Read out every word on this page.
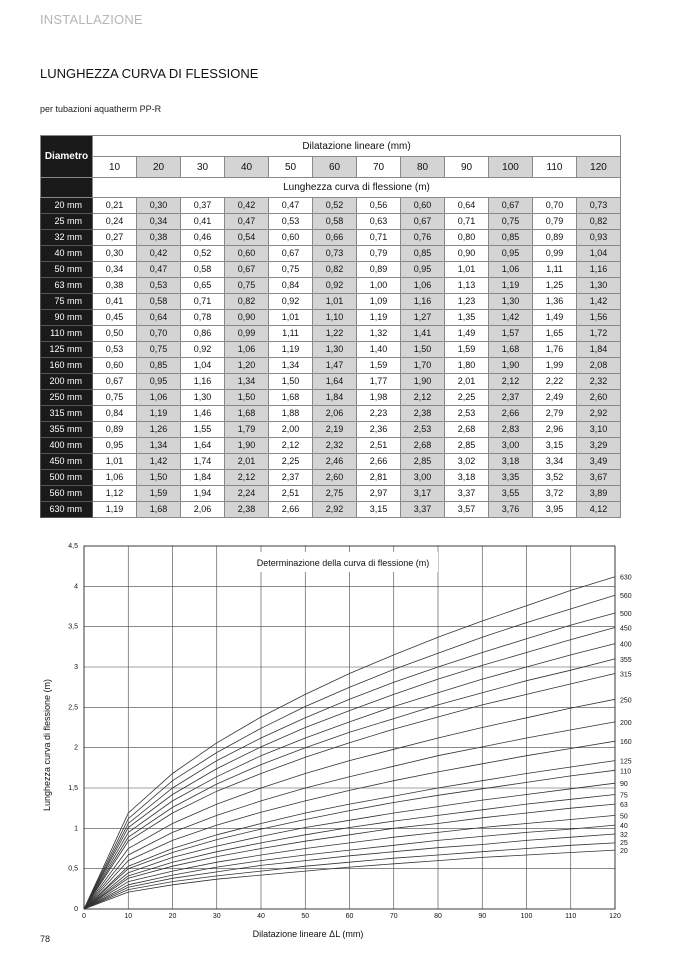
INSTALLAZIONE
LUNGHEZZA CURVA DI FLESSIONE
per tubazioni aquatherm PP-R
Diametro	Dilatazione lineare (mm)											
	10	20	30	40	50	60	70	80	90	100	110	120
	Lunghezza curva di flessione (m)											
20 mm	0,21	0,30	0,37	0,42	0,47	0,52	0,56	0,60	0,64	0,67	0,70	0,73
25 mm	0,24	0,34	0,41	0,47	0,53	0,58	0,63	0,67	0,71	0,75	0,79	0,82
32 mm	0,27	0,38	0,46	0,54	0,60	0,66	0,71	0,76	0,80	0,85	0,89	0,93
40 mm	0,30	0,42	0,52	0,60	0,67	0,73	0,79	0,85	0,90	0,95	0,99	1,04
50 mm	0,34	0,47	0,58	0,67	0,75	0,82	0,89	0,95	1,01	1,06	1,11	1,16
63 mm	0,38	0,53	0,65	0,75	0,84	0,92	1,00	1,06	1,13	1,19	1,25	1,30
75 mm	0,41	0,58	0,71	0,82	0,92	1,01	1,09	1,16	1,23	1,30	1,36	1,42
90 mm	0,45	0,64	0,78	0,90	1,01	1,10	1,19	1,27	1,35	1,42	1,49	1,56
110 mm	0,50	0,70	0,86	0,99	1,11	1,22	1,32	1,41	1,49	1,57	1,65	1,72
125 mm	0,53	0,75	0,92	1,06	1,19	1,30	1,40	1,50	1,59	1,68	1,76	1,84
160 mm	0,60	0,85	1,04	1,20	1,34	1,47	1,59	1,70	1,80	1,90	1,99	2,08
200 mm	0,67	0,95	1,16	1,34	1,50	1,64	1,77	1,90	2,01	2,12	2,22	2,32
250 mm	0,75	1,06	1,30	1,50	1,68	1,84	1,98	2,12	2,25	2,37	2,49	2,60
315 mm	0,84	1,19	1,46	1,68	1,88	2,06	2,23	2,38	2,53	2,66	2,79	2,92
355 mm	0,89	1,26	1,55	1,79	2,00	2,19	2,36	2,53	2,68	2,83	2,96	3,10
400 mm	0,95	1,34	1,64	1,90	2,12	2,32	2,51	2,68	2,85	3,00	3,15	3,29
450 mm	1,01	1,42	1,74	2,01	2,25	2,46	2,66	2,85	3,02	3,18	3,34	3,49
500 mm	1,06	1,50	1,84	2,12	2,37	2,60	2,81	3,00	3,18	3,35	3,52	3,67
560 mm	1,12	1,59	1,94	2,24	2,51	2,75	2,97	3,17	3,37	3,55	3,72	3,89
630 mm	1,19	1,68	2,06	2,38	2,66	2,92	3,15	3,37	3,57	3,76	3,95	4,12
0	10	20	30	40	50	60	70	80	90	100	110	120
0
0,5
1
1,5
2
2,5
3
3,5
4
4,5
Determinazione della curva di flessione (m)
20
25
32
40
50
63
75
90
110
125
160
200
250
315
355
400
450
500
560
630
Dilatazione lineare ΔL (mm)
Lunghezza curva di flessione (m)
78
